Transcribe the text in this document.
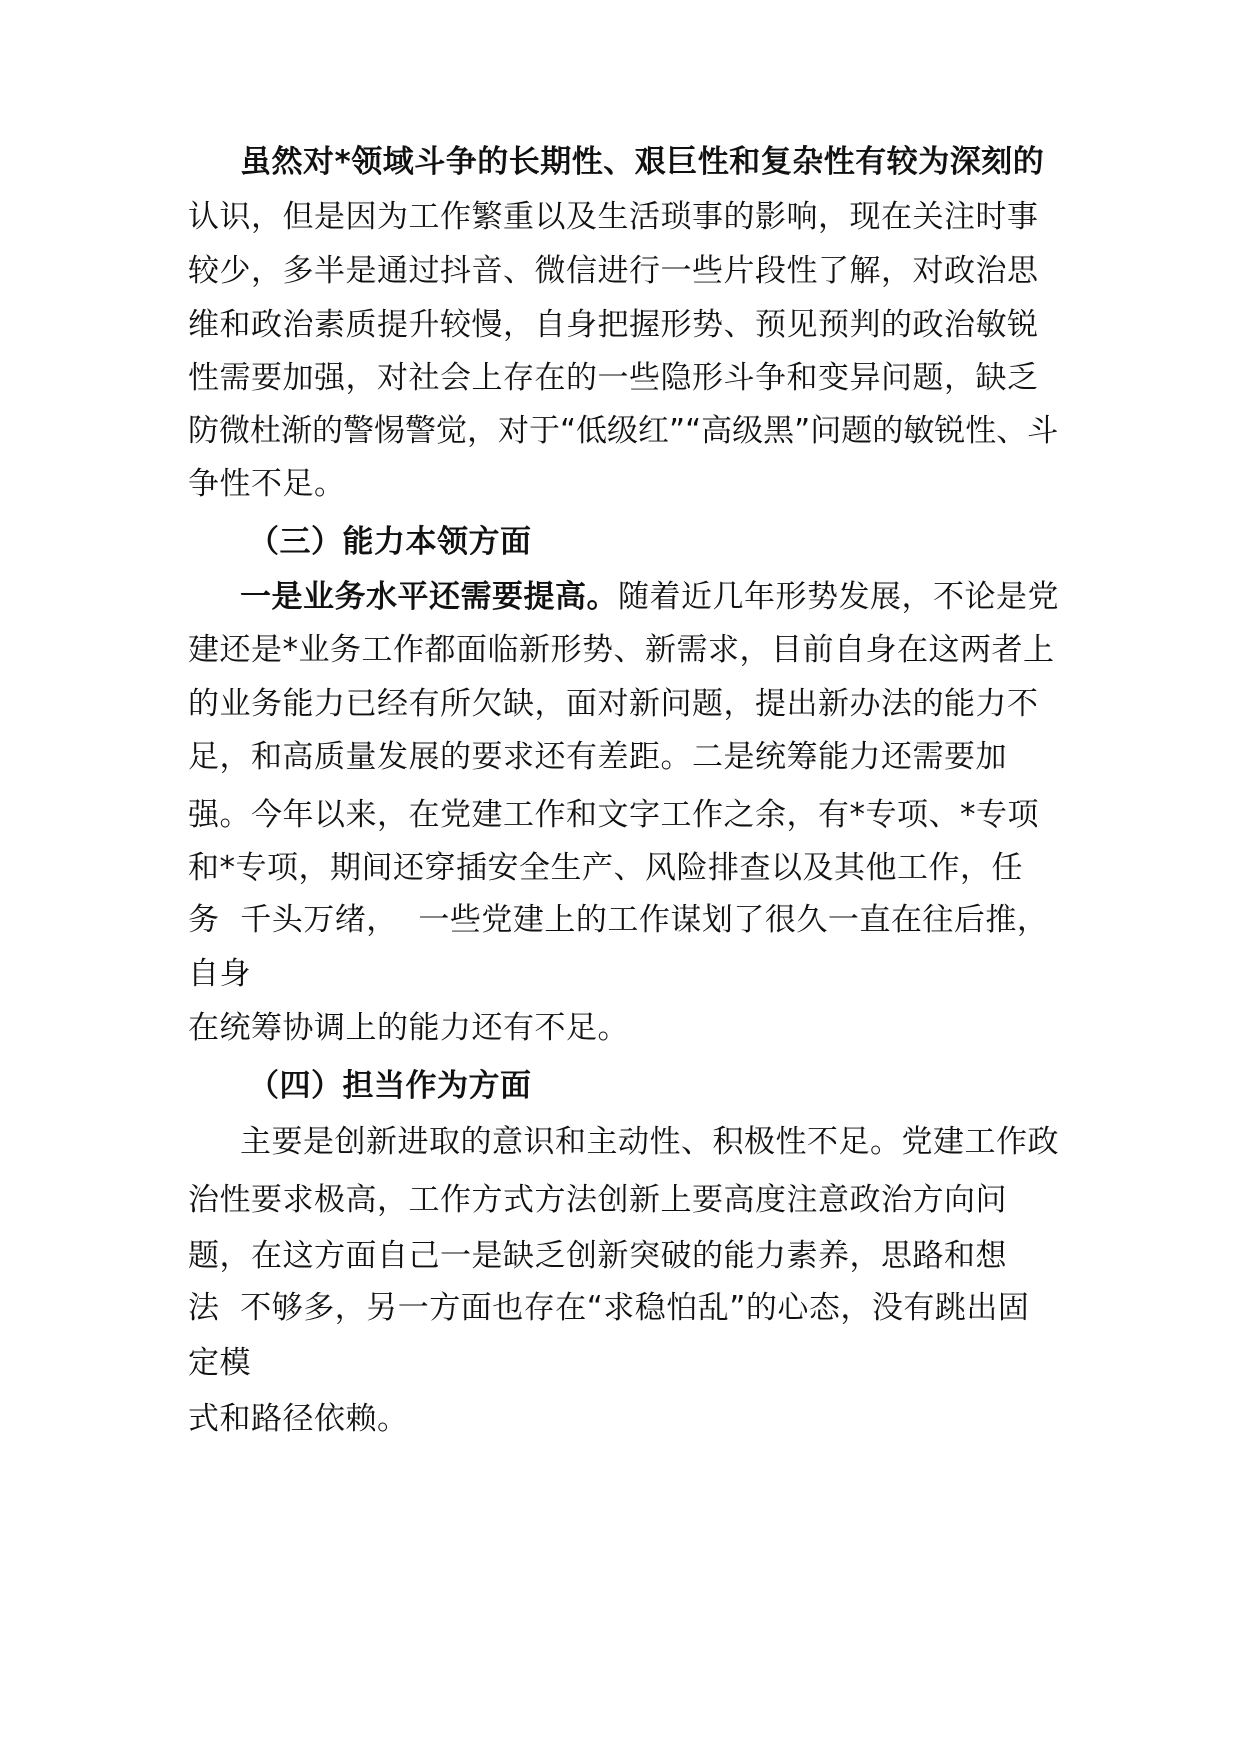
虽然对*领域斗争的长期性、艰巨性和复杂性有较为深刻的
认识，但是因为工作繁重以及生活琐事的影响，现在关注时事
较少，多半是通过抖音、微信进行一些片段性了解，对政治思
维和政治素质提升较慢，自身把握形势、预见预判的政治敏锐
性需要加强，对社会上存在的一些隐形斗争和变异问题，缺乏
防微杜渐的警惕警觉，对于“低级红”“高级黑”问题的敏锐性、斗
争性不足。
（三）能力本领方面
一是业务水平还需要提高。随着近几年形势发展，不论是党
建还是*业务工作都面临新形势、新需求，目前自身在这两者上
的业务能力已经有所欠缺，面对新问题，提出新办法的能力不
足，和高质量发展的要求还有差距。二是统筹能力还需要加
强。今年以来，在党建工作和文字工作之余，有*专项、*专项
和*专项，期间还穿插安全生产、风险排查以及其他工作，任
务  千头万绪，  一些党建上的工作谋划了很久一直在往后推，
自身
在统筹协调上的能力还有不足。
（四）担当作为方面
主要是创新进取的意识和主动性、积极性不足。党建工作政
治性要求极高，工作方式方法创新上要高度注意政治方向问
题，在这方面自己一是缺乏创新突破的能力素养，思路和想
法  不够多，另一方面也存在“求稳怕乱”的心态，没有跳出固
定模
式和路径依赖。
